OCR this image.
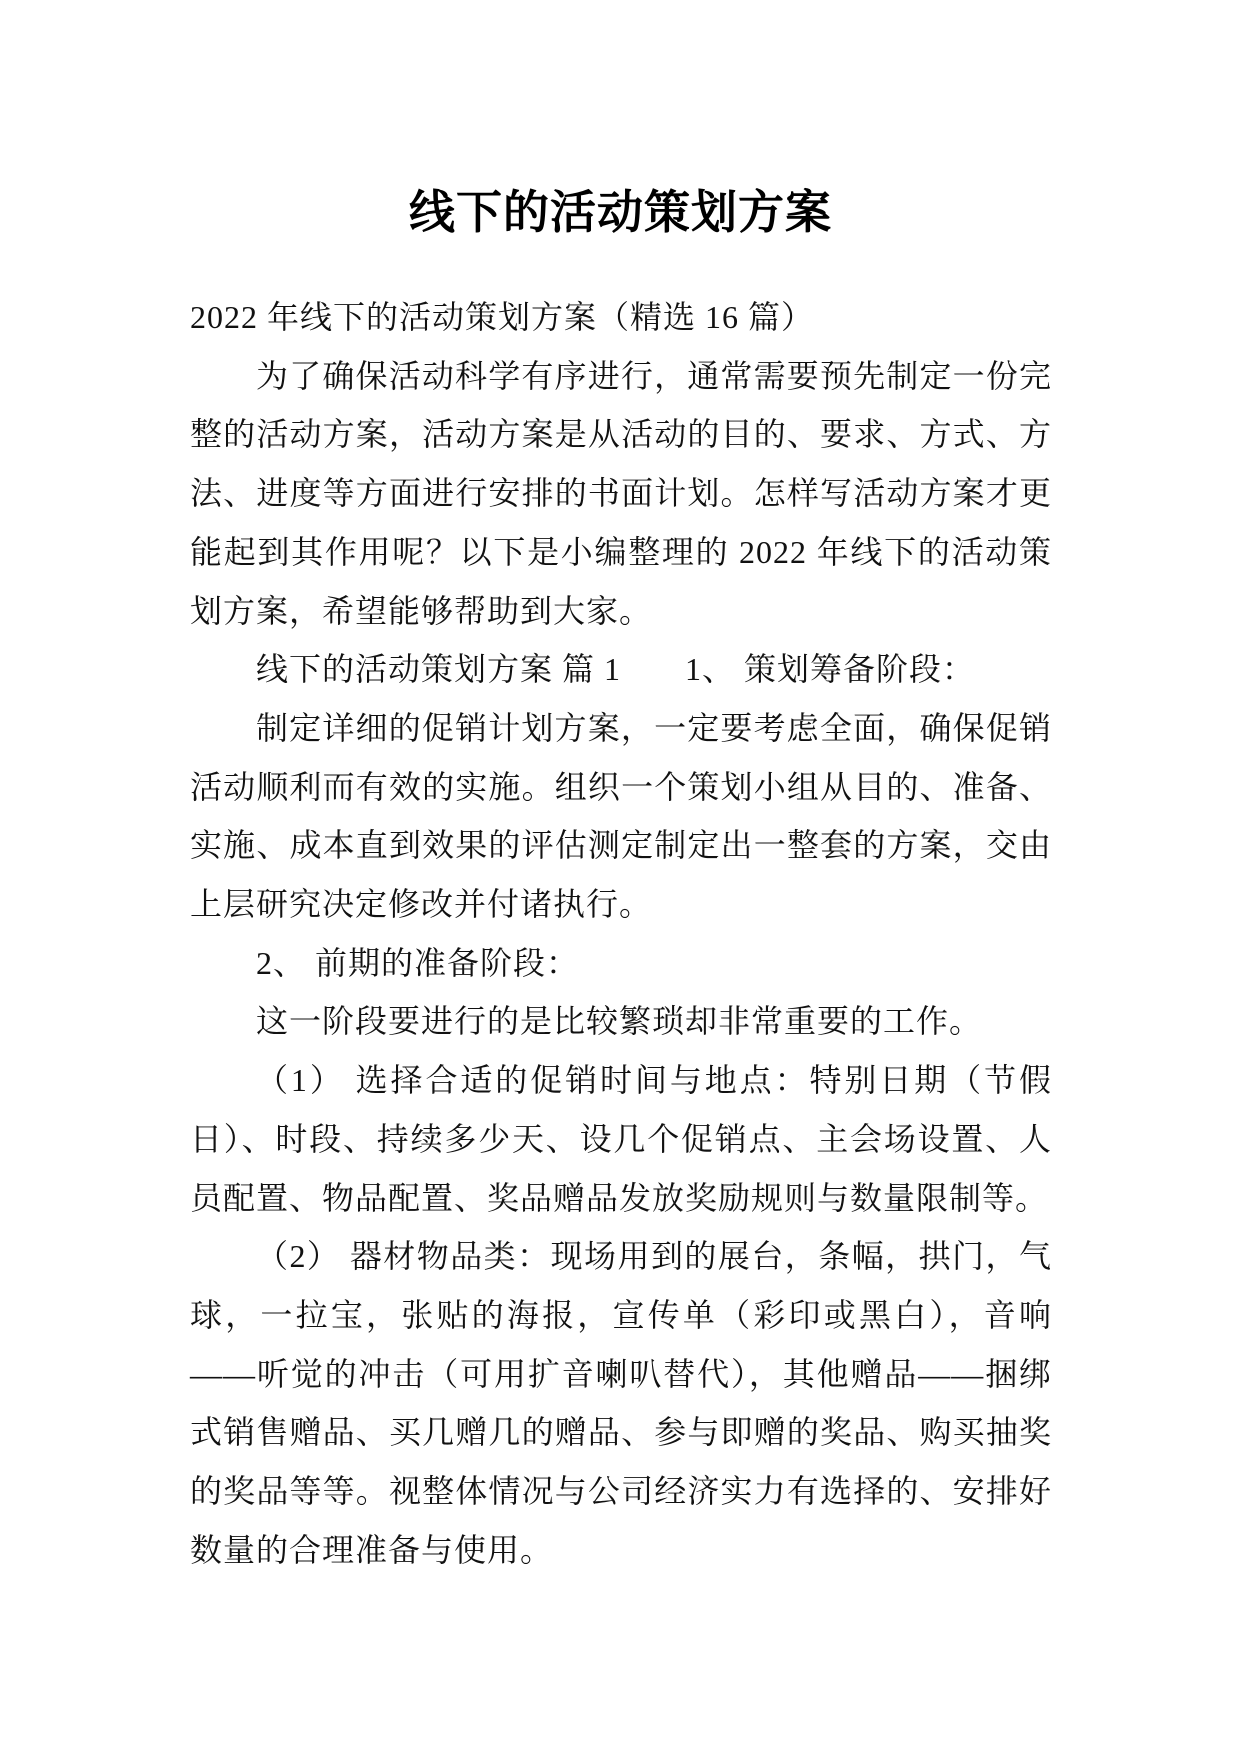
线下的活动策划方案

2022 年线下的活动策划方案（精选 16 篇）

为了确保活动科学有序进行，通常需要预先制定一份完整的活动方案，活动方案是从活动的目的、要求、方式、方法、进度等方面进行安排的书面计划。怎样写活动方案才更能起到其作用呢？以下是小编整理的 2022 年线下的活动策划方案，希望能够帮助到大家。

线下的活动策划方案 篇 1 1、 策划筹备阶段：

制定详细的促销计划方案，一定要考虑全面，确保促销活动顺利而有效的实施。组织一个策划小组从目的、准备、实施、成本直到效果的评估测定制定出一整套的方案，交由上层研究决定修改并付诸执行。

2、 前期的准备阶段：

这一阶段要进行的是比较繁琐却非常重要的工作。

（1） 选择合适的促销时间与地点：特别日期（节假日）、时段、持续多少天、设几个促销点、主会场设置、人员配置、物品配置、奖品赠品发放奖励规则与数量限制等。

（2） 器材物品类：现场用到的展台，条幅，拱门，气球，一拉宝，张贴的海报，宣传单（彩印或黑白），音响——听觉的冲击（可用扩音喇叭替代），其他赠品——捆绑式销售赠品、买几赠几的赠品、参与即赠的奖品、购买抽奖的奖品等等。视整体情况与公司经济实力有选择的、安排好数量的合理准备与使用。
